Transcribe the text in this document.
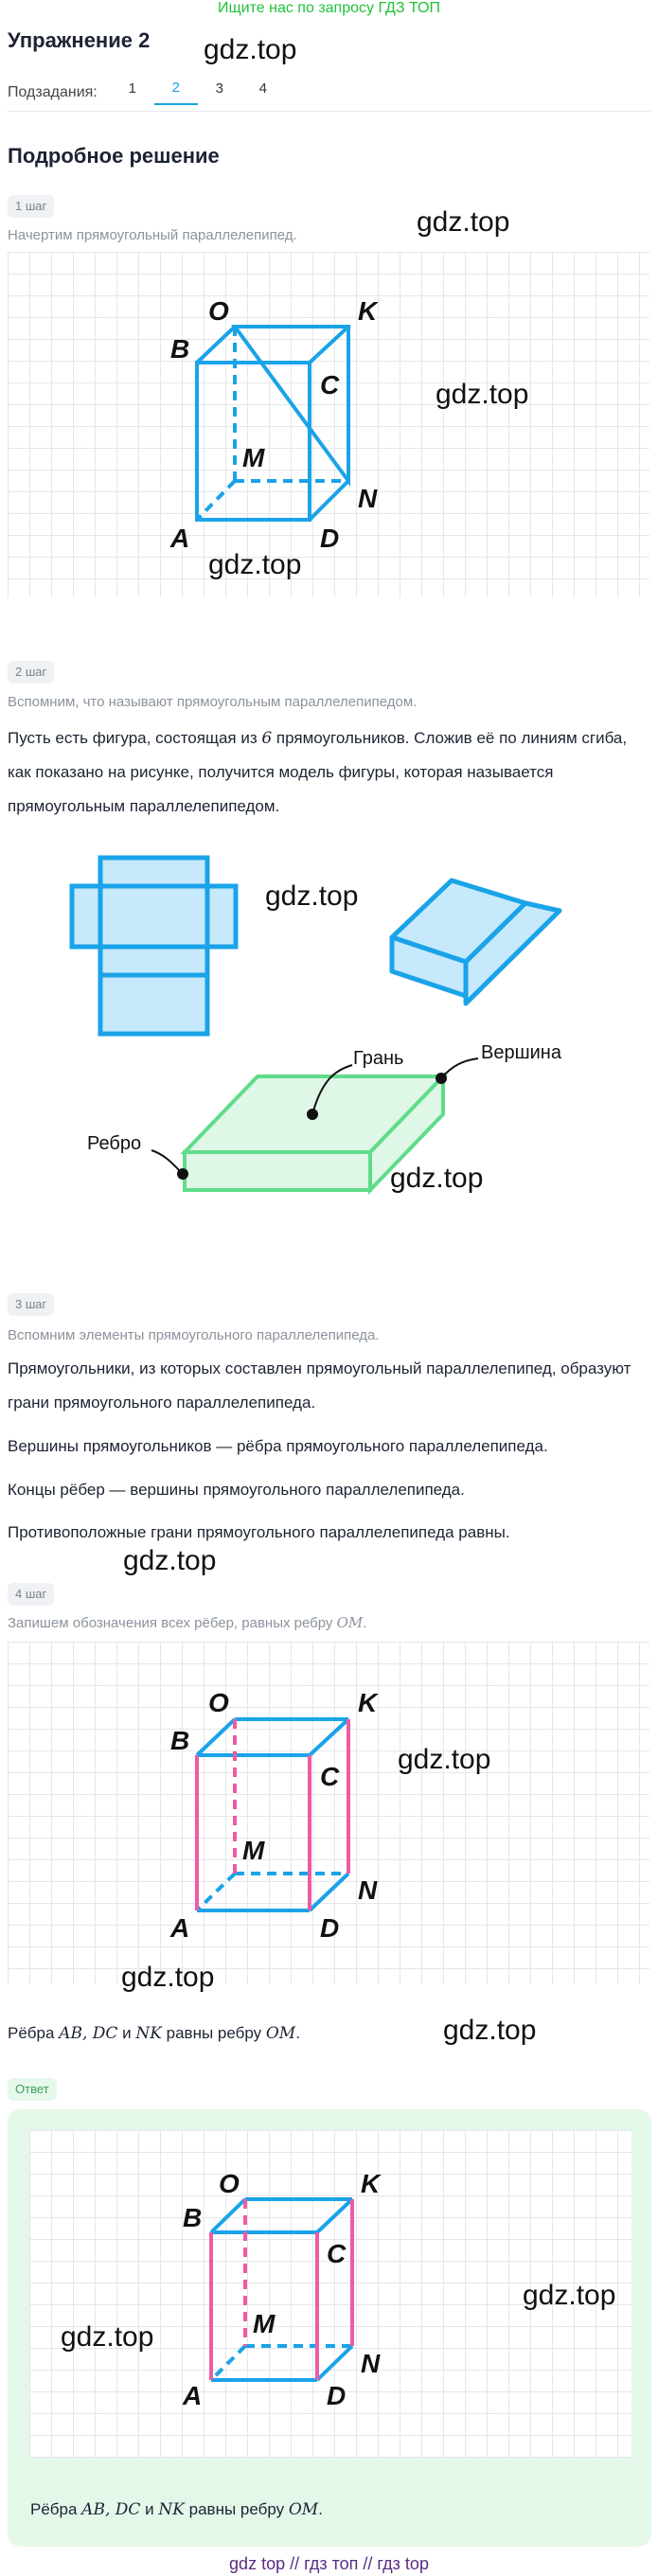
Ищите нас по запросу ГДЗ ТОП
Упражнение 2 gdz.top
Подзадания:	1	2	3	4
Подробное решение
1 шаг
Начертим прямоугольный параллелепипед.	gdz.top
O	K
B
C
M
N
A	D
gdz.top
gdz.top
2 шаг
Вспомним, что называют прямоугольным параллелепипедом.
Пусть есть фигура, состоящая из 6 прямоугольников. Сложив её по линиям сгиба, как показано на рисунке, получится модель фигуры, которая называется прямоугольным параллелепипедом.
Грань	Вершина
Ребро
gdz.top
gdz.top
3 шаг
Вспомним элементы прямоугольного параллелепипеда.
Прямоугольники, из которых составлен прямоугольный параллелепипед, образуют грани прямоугольного параллелепипеда.
Вершины прямоугольников — рёбра прямоугольного параллелепипеда.
Концы рёбер — вершины прямоугольного параллелепипеда.
Противоположные грани прямоугольного параллелепипеда равны.
gdz.top
4 шаг
Запишем обозначения всех рёбер, равных ребру OM.
O	K
B
C
M
N
A	D
gdz.top
gdz.top
Рёбра AB, DC и NK равны ребру OM.	gdz.top
Ответ
O	K
B
C
M
N
A	D
gdz.top
gdz.top
Рёбра AB, DC и NK равны ребру OM.
gdz top // гдз топ // гдз top
